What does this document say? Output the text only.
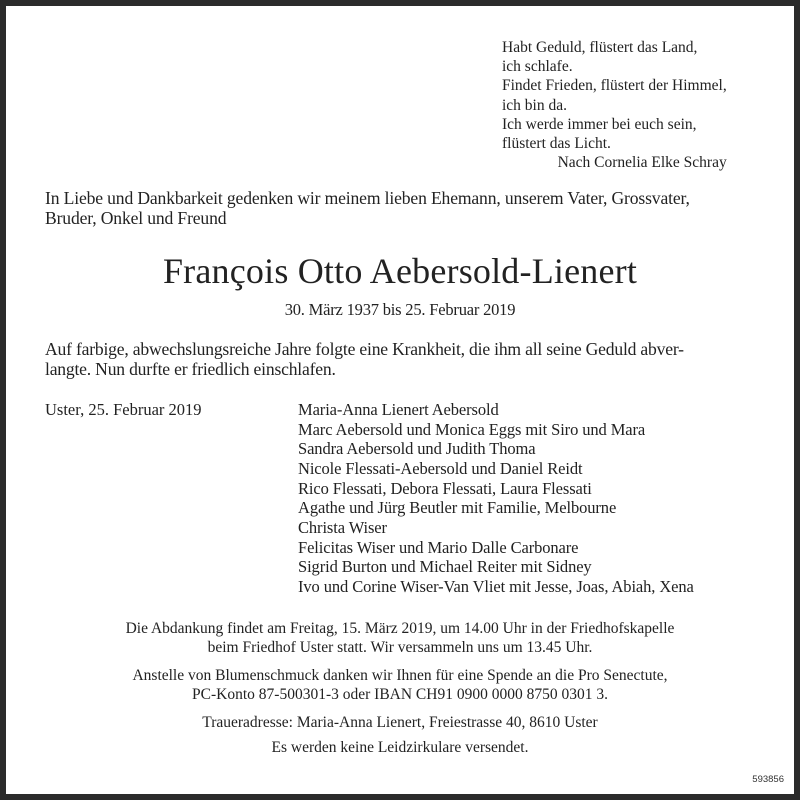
Habt Geduld, flüstert das Land,
ich schlafe.
Findet Frieden, flüstert der Himmel,
ich bin da.
Ich werde immer bei euch sein,
flüstert das Licht.
Nach Cornelia Elke Schray
In Liebe und Dankbarkeit gedenken wir meinem lieben Ehemann, unserem Vater, Grossvater,
Bruder, Onkel und Freund
François Otto Aebersold-Lienert
30. März 1937 bis 25. Februar 2019
Auf farbige, abwechslungsreiche Jahre folgte eine Krankheit, die ihm all seine Geduld abver-
langte. Nun durfte er friedlich einschlafen.
Uster, 25. Februar 2019	Maria-Anna Lienert Aebersold
Marc Aebersold und Monica Eggs mit Siro und Mara
Sandra Aebersold und Judith Thoma
Nicole Flessati-Aebersold und Daniel Reidt
Rico Flessati, Debora Flessati, Laura Flessati
Agathe und Jürg Beutler mit Familie, Melbourne
Christa Wiser
Felicitas Wiser und Mario Dalle Carbonare
Sigrid Burton und Michael Reiter mit Sidney
Ivo und Corine Wiser-Van Vliet mit Jesse, Joas, Abiah, Xena
Die Abdankung findet am Freitag, 15. März 2019, um 14.00 Uhr in der Friedhofskapelle
beim Friedhof Uster statt. Wir versammeln uns um 13.45 Uhr.
Anstelle von Blumenschmuck danken wir Ihnen für eine Spende an die Pro Senectute,
PC-Konto 87-500301-3 oder IBAN CH91 0900 0000 8750 0301 3.
Traueradresse: Maria-Anna Lienert, Freiestrasse 40, 8610 Uster
Es werden keine Leidzirkulare versendet.
593856
